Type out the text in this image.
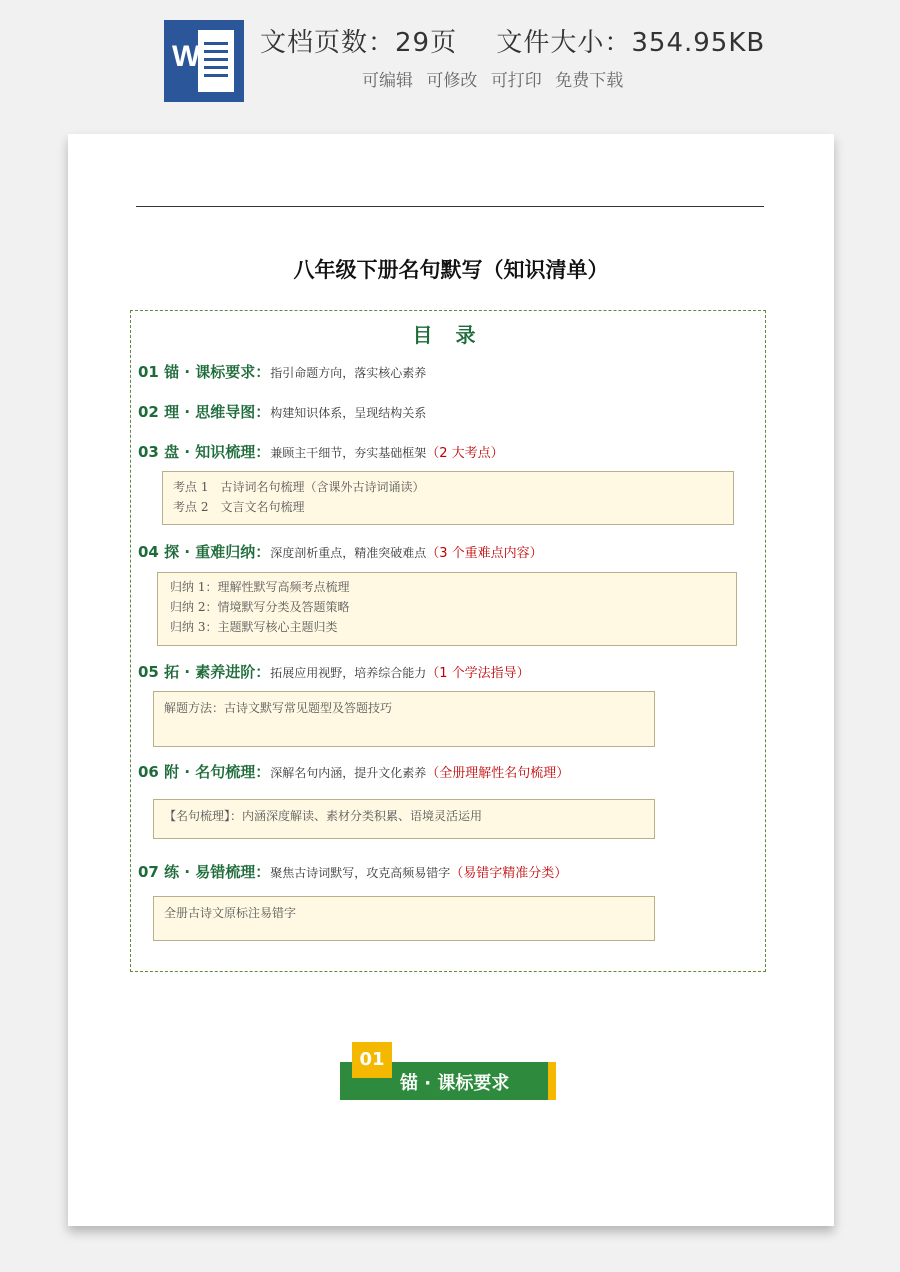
W 文档页数：29页 文件大小：354.95KB
可编辑 可修改 可打印 免费下载
八年级下册名句默写（知识清单）
目 录
01 锚 · 课标要求：指引命题方向，落实核心素养
02 理 · 思维导图：构建知识体系，呈现结构关系
03 盘 · 知识梳理：兼顾主干细节，夯实基础框架（2 大考点）
考点 1　古诗词名句梳理（含课外古诗词诵读）
考点 2　文言文名句梳理
04 探 · 重难归纳：深度剖析重点，精准突破难点（3 个重难点内容）
归纳 1：理解性默写高频考点梳理
归纳 2：情境默写分类及答题策略
归纳 3：主题默写核心主题归类
05 拓 · 素养进阶：拓展应用视野，培养综合能力（1 个学法指导）
解题方法：古诗文默写常见题型及答题技巧
06 附 · 名句梳理：深解名句内涵，提升文化素养（全册理解性名句梳理）
【名句梳理】：内涵深度解读、素材分类积累、语境灵活运用
07 练 · 易错梳理：聚焦古诗词默写，攻克高频易错字（易错字精准分类）
全册古诗文原标注易错字
01
锚 · 课标要求
